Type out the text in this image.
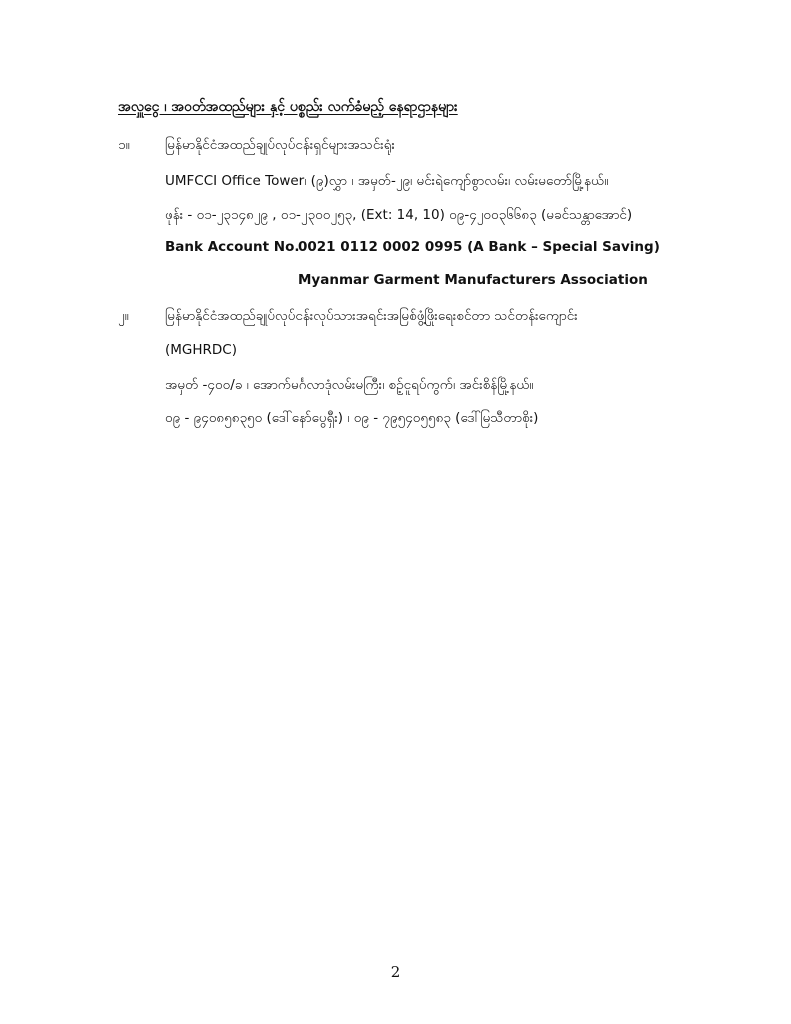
အလှူငွေ ၊ အဝတ်အထည်များ နှင့် ပစ္စည်း လက်ခံမည့် နေရာဌာနများ
၁။	မြန်မာနိုင်ငံအထည်ချုပ်လုပ်ငန်းရှင်များအသင်းရုံး
UMFCCI Office Tower၊ (၉)လွှာ ၊ အမှတ်-၂၉၊ မင်းရဲကျော်စွာလမ်း၊ လမ်းမတော်မြို့နယ်။
ဖုန်း - ၀၁-၂၃၁၄၈၂၉ , ၀၁-၂၃၀၀၂၅၃, (Ext: 14, 10) ၀၉-၄၂၀၀၃၆၆၈၃ (မခင်သန္တာအောင်)
Bank Account No.
0021 0112 0002 0995 (A Bank – Special Saving)
Myanmar Garment Manufacturers Association
၂။	မြန်မာနိုင်ငံအထည်ချုပ်လုပ်ငန်းလုပ်သားအရင်းအမြစ်ဖွံ့ဖြိုးရေးစင်တာ သင်တန်းကျောင်း
(MGHRDC)
အမှတ် -၄၀၀/ခ ၊ အောက်မင်္ဂလာဒုံလမ်းမကြီး၊ စဉ့်ငူရပ်ကွက်၊ အင်းစိန်မြို့နယ်။
၀၉ - ၉၄၀၈၅၈၃၅၀ (ဒေါ်နော်ပွေရှီး) ၊ ၀၉ - ၇၉၅၄၀၅၅၈၃ (ဒေါ်မြသီတာစိုး)
2
